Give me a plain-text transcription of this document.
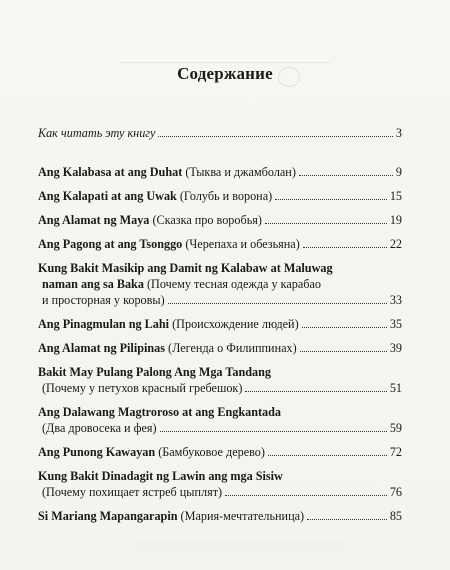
Содержание
Как читать эту книгу	3
Ang Kalabasa at ang Duhat (Тыква и джамболан)	9
Ang Kalapati at ang Uwak (Голубь и ворона)	15
Ang Alamat ng Maya (Сказка про воробья)	19
Ang Pagong at ang Tsonggo (Черепаха и обезьяна)	22
Kung Bakit Masikip ang Damit ng Kalabaw at Maluwag
naman ang sa Baka (Почему тесная одежда у карабао
и просторная у коровы)	33
Ang Pinagmulan ng Lahi (Происхождение людей)	35
Ang Alamat ng Pilipinas (Легенда о Филиппинах)	39
Bakit May Pulang Palong Ang Mga Tandang
(Почему у петухов красный гребешок)	51
Ang Dalawang Magtroroso at ang Engkantada
(Два дровосека и фея)	59
Ang Punong Kawayan (Бамбуковое дерево)	72
Kung Bakit Dinadagit ng Lawin ang mga Sisiw
(Почему похищает ястреб цыплят)	76
Si Mariang Mapangarapin (Мария-мечтательница)	85
